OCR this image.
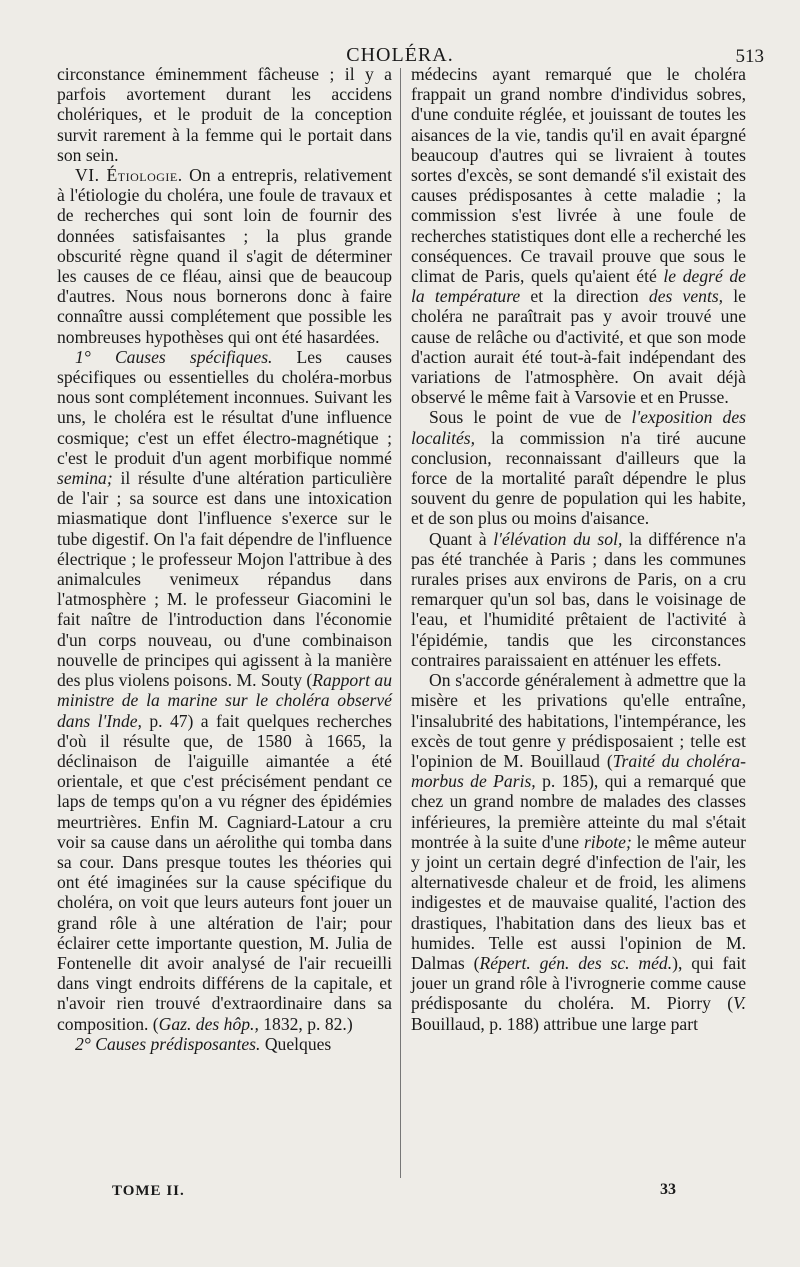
CHOLÉRA.	513

circonstance éminemment fâcheuse ; il y a parfois avortement durant les accidens cholériques, et le produit de la conception survit rarement à la femme qui le portait dans son sein.

VI. Étiologie. On a entrepris, relativement à l'étiologie du choléra, une foule de travaux et de recherches qui sont loin de fournir des données satisfaisantes ; la plus grande obscurité règne quand il s'agit de déterminer les causes de ce fléau, ainsi que de beaucoup d'autres. Nous nous bornerons donc à faire connaître aussi complétement que possible les nombreuses hypothèses qui ont été hasardées.

1° Causes spécifiques. Les causes spécifiques ou essentielles du choléra-morbus nous sont complétement inconnues. Suivant les uns, le choléra est le résultat d'une influence cosmique; c'est un effet électro-magnétique ; c'est le produit d'un agent morbifique nommé semina; il résulte d'une altération particulière de l'air ; sa source est dans une intoxication miasmatique dont l'influence s'exerce sur le tube digestif. On l'a fait dépendre de l'influence électrique ; le professeur Mojon l'attribue à des animalcules venimeux répandus dans l'atmosphère ; M. le professeur Giacomini le fait naître de l'introduction dans l'économie d'un corps nouveau, ou d'une combinaison nouvelle de principes qui agissent à la manière des plus violens poisons. M. Souty (Rapport au ministre de la marine sur le choléra observé dans l'Inde, p. 47) a fait quelques recherches d'où il résulte que, de 1580 à 1665, la déclinaison de l'aiguille aimantée a été orientale, et que c'est précisément pendant ce laps de temps qu'on a vu régner des épidémies meurtrières. Enfin M. Cagniard-Latour a cru voir sa cause dans un aérolithe qui tomba dans sa cour. Dans presque toutes les théories qui ont été imaginées sur la cause spécifique du choléra, on voit que leurs auteurs font jouer un grand rôle à une altération de l'air; pour éclairer cette importante question, M. Julia de Fontenelle dit avoir analysé de l'air recueilli dans vingt endroits différens de la capitale, et n'avoir rien trouvé d'extraordinaire dans sa composition. (Gaz. des hôp., 1832, p. 82.)

2° Causes prédisposantes. Quelques

médecins ayant remarqué que le choléra frappait un grand nombre d'individus sobres, d'une conduite réglée, et jouissant de toutes les aisances de la vie, tandis qu'il en avait épargné beaucoup d'autres qui se livraient à toutes sortes d'excès, se sont demandé s'il existait des causes prédisposantes à cette maladie ; la commission s'est livrée à une foule de recherches statistiques dont elle a recherché les conséquences. Ce travail prouve que sous le climat de Paris, quels qu'aient été le degré de la température et la direction des vents, le choléra ne paraîtrait pas y avoir trouvé une cause de relâche ou d'activité, et que son mode d'action aurait été tout-à-fait indépendant des variations de l'atmosphère. On avait déjà observé le même fait à Varsovie et en Prusse.

Sous le point de vue de l'exposition des localités, la commission n'a tiré aucune conclusion, reconnaissant d'ailleurs que la force de la mortalité paraît dépendre le plus souvent du genre de population qui les habite, et de son plus ou moins d'aisance.

Quant à l'élévation du sol, la différence n'a pas été tranchée à Paris ; dans les communes rurales prises aux environs de Paris, on a cru remarquer qu'un sol bas, dans le voisinage de l'eau, et l'humidité prêtaient de l'activité à l'épidémie, tandis que les circonstances contraires paraissaient en atténuer les effets.

On s'accorde généralement à admettre que la misère et les privations qu'elle entraîne, l'insalubrité des habitations, l'intempérance, les excès de tout genre y prédisposaient ; telle est l'opinion de M. Bouillaud (Traité du choléra-morbus de Paris, p. 185), qui a remarqué que chez un grand nombre de malades des classes inférieures, la première atteinte du mal s'était montrée à la suite d'une ribote; le même auteur y joint un certain degré d'infection de l'air, les alternativesde chaleur et de froid, les alimens indigestes et de mauvaise qualité, l'action des drastiques, l'habitation dans des lieux bas et humides. Telle est aussi l'opinion de M. Dalmas (Répert. gén. des sc. méd.), qui fait jouer un grand rôle à l'ivrognerie comme cause prédisposante du choléra. M. Piorry (V. Bouillaud, p. 188) attribue une large part

TOME II.	33
